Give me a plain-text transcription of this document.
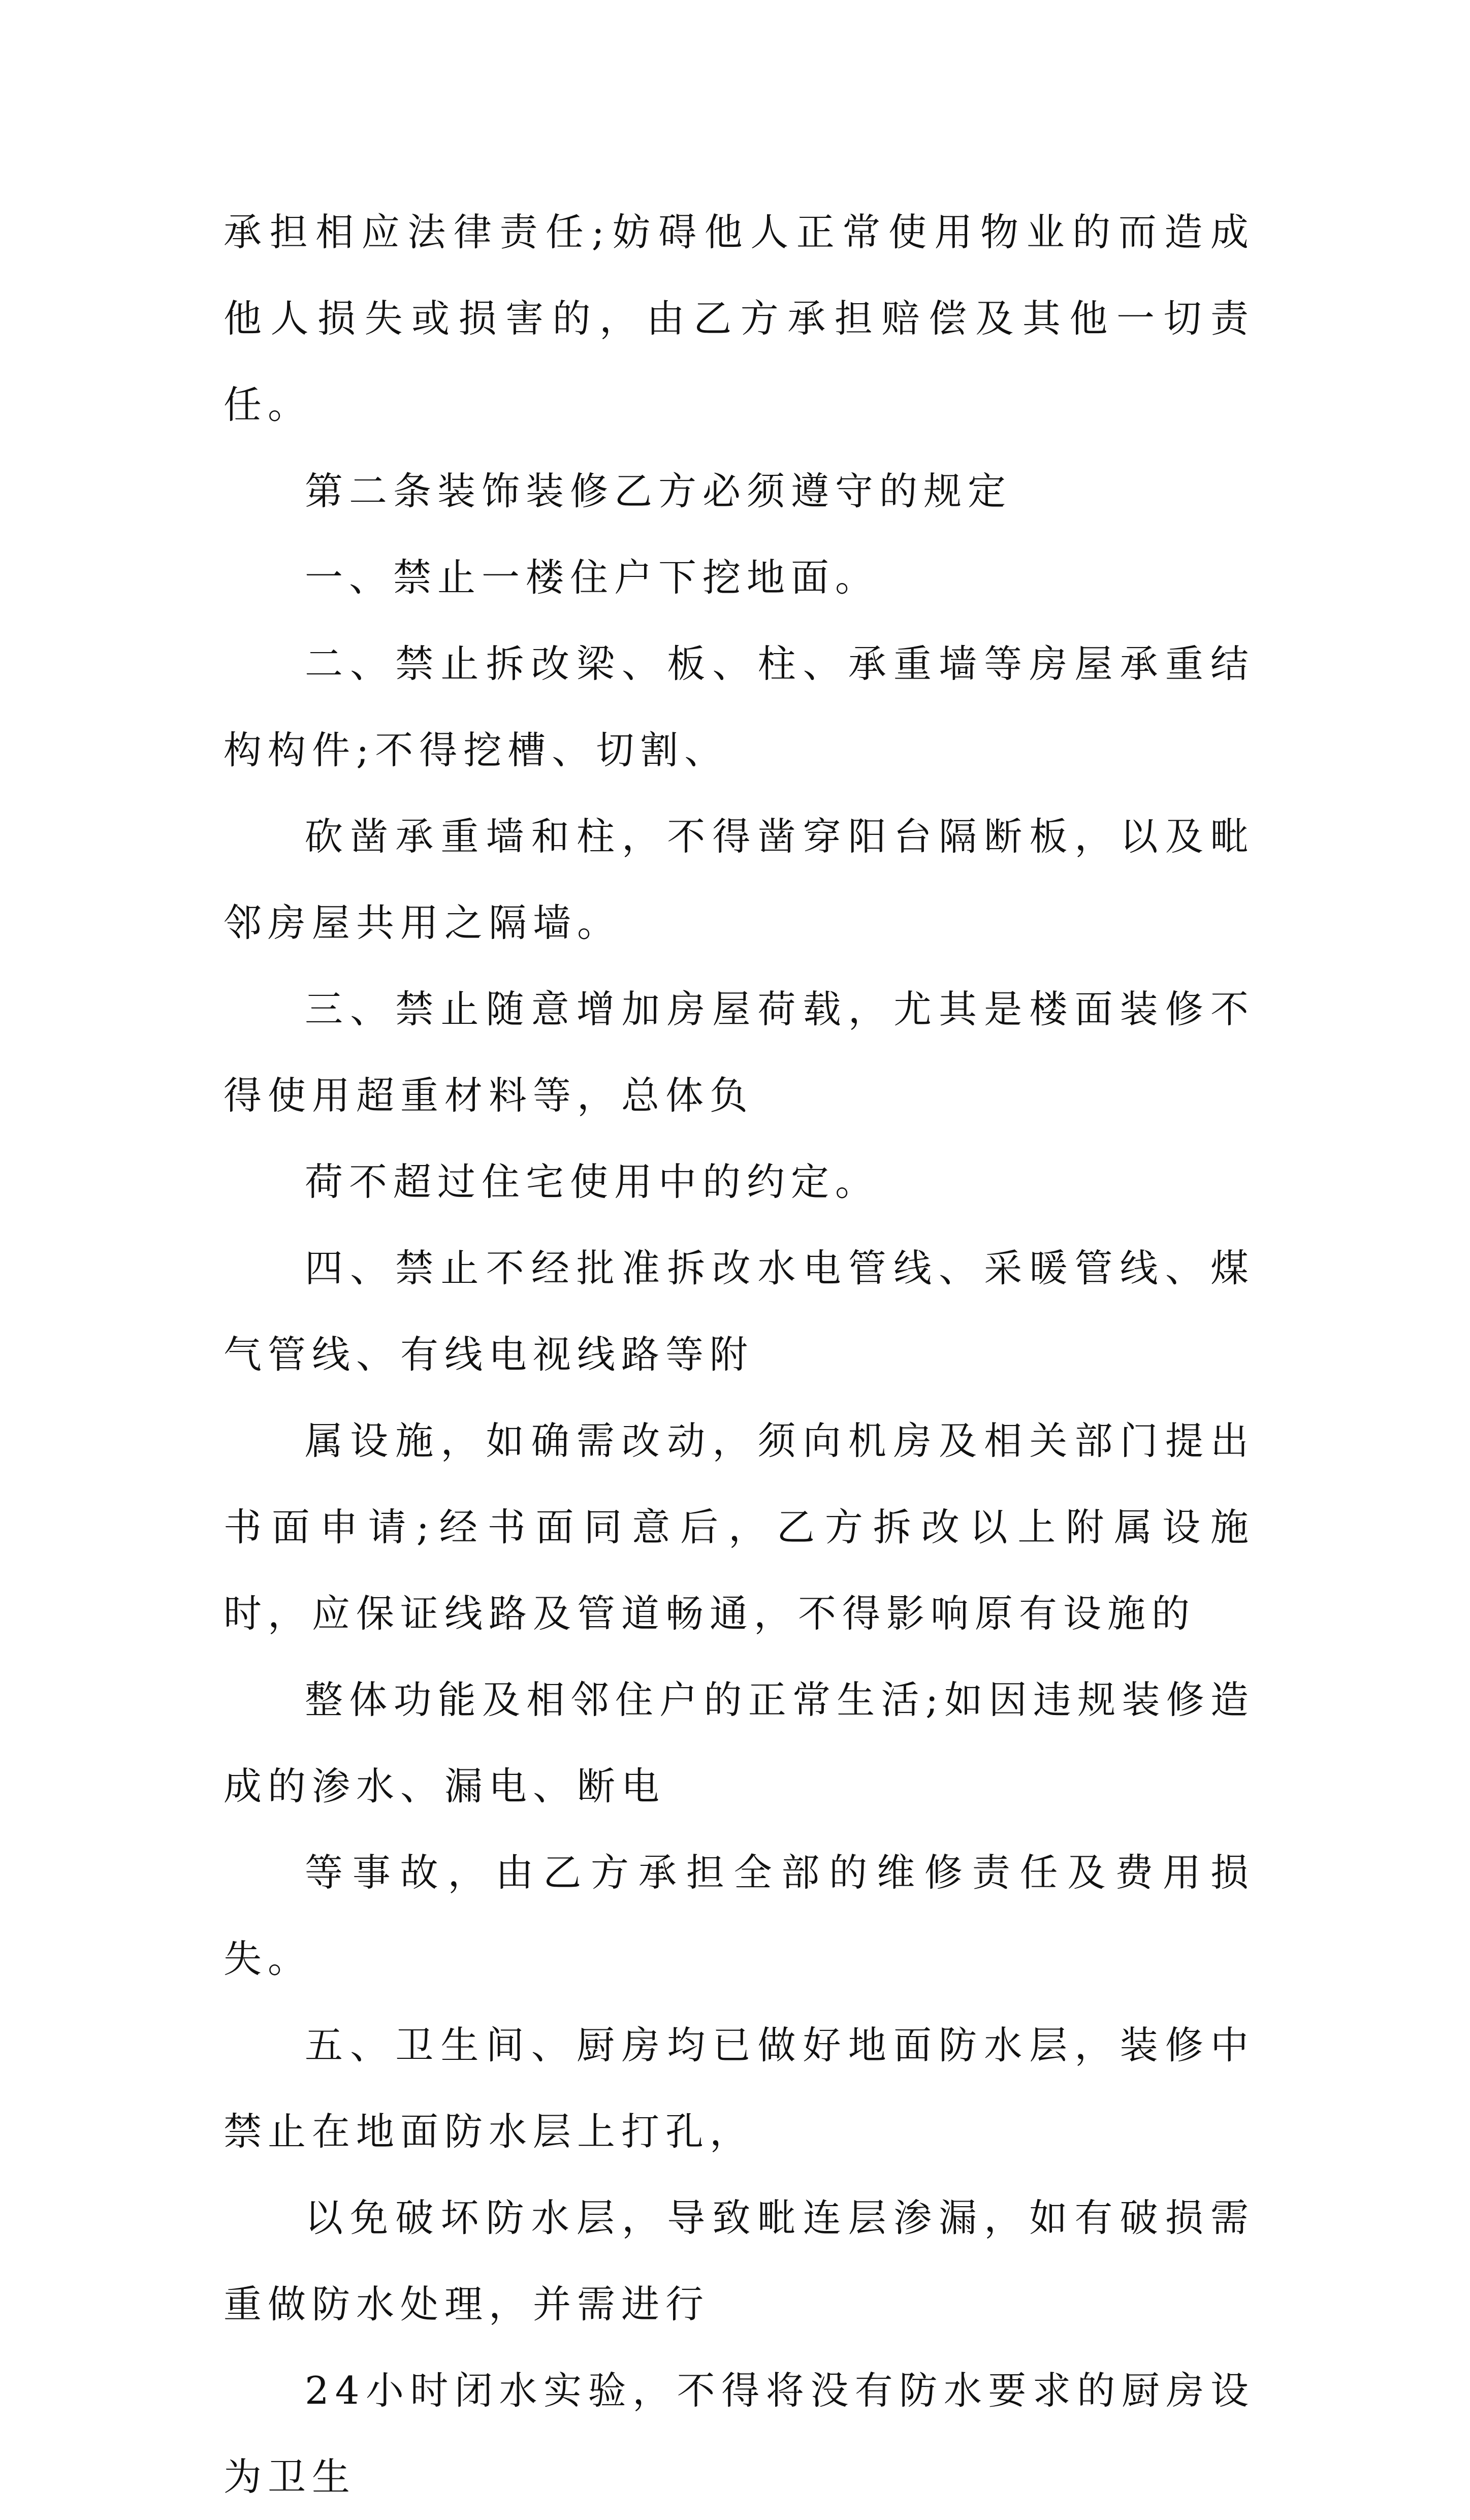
承担相应法律责任;妨碍他人正常使用物业的而造成他人损失或损害的，由乙方承担赔偿及其他一切责任。

第二条装饰装修乙方必须遵守的规定

一、禁止一楼住户下挖地面。

二、禁止拆改梁、板、柱、承重墙等房屋承重结构构件;不得挖槽、切割、

砍凿承重墙和柱，不得凿穿阳台隔断板，以及毗邻房屋共用之隔墙。

三、禁止随意增加房屋荷载，尤其是楼面装修不得使用超重材料等，总体负

荷不超过住宅使用中的约定。

四、禁止不经批准拆改水电管线、采暖管线、煤气管线、有线电视线路等附

属设施，如确需改动，须向机房及相关部门提出书面申请;经书面同意后，乙方拆改以上附属设施时，应保证线路及管道畅通，不得影响原有设施的

整体功能及相邻住户的正常生活;如因违规装修造成的渗水、漏电、断电

等事故，由乙方承担全部的维修责任及费用损失。

五、卫生间、厨房均已做好地面防水层，装修中禁止在地面防水层上打孔，

以免破坏防水层，导致毗连层渗漏，如有破损需重做防水处理，并需进行

24小时闭水实验，不得将没有防水要求的厨房设为卫生
